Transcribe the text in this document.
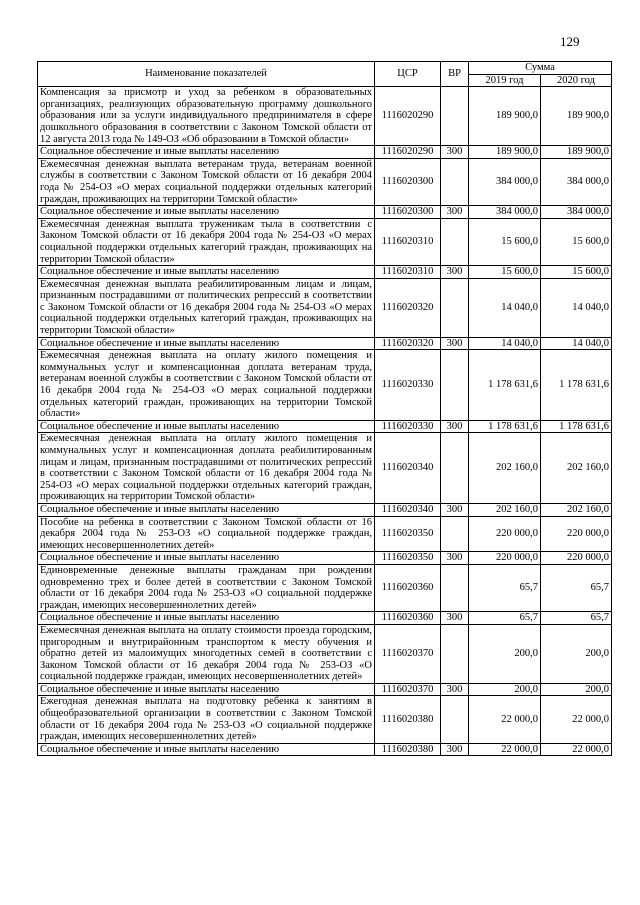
129
Наименование показателей	ЦСР	ВР	Сумма	
			2019 год	2020 год
Компенсация за присмотр и уход за ребенком в образовательных организациях, реализующих образовательную программу дошкольного образования или за услуги индивидуального предпринимателя в сфере дошкольного образования в соответствии с Законом Томской области от 12 августа 2013 года № 149-ОЗ «Об образовании в Томской области»	1116020290		189 900,0	189 900,0
Социальное обеспечение и иные выплаты населению	1116020290	300	189 900,0	189 900,0
Ежемесячная денежная выплата ветеранам труда, ветеранам военной службы в соответствии с Законом Томской области от 16 декабря 2004 года № 254-ОЗ «О мерах социальной поддержки отдельных категорий граждан, проживающих на территории Томской области»	1116020300		384 000,0	384 000,0
Социальное обеспечение и иные выплаты населению	1116020300	300	384 000,0	384 000,0
Ежемесячная денежная выплата труженикам тыла в соответствии с Законом Томской области от 16 декабря 2004 года № 254-ОЗ «О мерах социальной поддержки отдельных категорий граждан, проживающих на территории Томской области»	1116020310		15 600,0	15 600,0
Социальное обеспечение и иные выплаты населению	1116020310	300	15 600,0	15 600,0
Ежемесячная денежная выплата реабилитированным лицам и лицам, признанным пострадавшими от политических репрессий в соответствии с Законом Томской области от 16 декабря 2004 года № 254-ОЗ «О мерах социальной поддержки отдельных категорий граждан, проживающих на территории Томской области»	1116020320		14 040,0	14 040,0
Социальное обеспечение и иные выплаты населению	1116020320	300	14 040,0	14 040,0
Ежемесячная денежная выплата на оплату жилого помещения и коммунальных услуг и компенсационная доплата ветеранам труда, ветеранам военной службы в соответствии с Законом Томской области от 16 декабря 2004 года № 254-ОЗ «О мерах социальной поддержки отдельных категорий граждан, проживающих на территории Томской области»	1116020330		1 178 631,6	1 178 631,6
Социальное обеспечение и иные выплаты населению	1116020330	300	1 178 631,6	1 178 631,6
Ежемесячная денежная выплата на оплату жилого помещения и коммунальных услуг и компенсационная доплата реабилитированным лицам и лицам, признанным пострадавшими от политических репрессий в соответствии с Законом Томской области от 16 декабря 2004 года № 254-ОЗ «О мерах социальной поддержки отдельных категорий граждан, проживающих на территории Томской области»	1116020340		202 160,0	202 160,0
Социальное обеспечение и иные выплаты населению	1116020340	300	202 160,0	202 160,0
Пособие на ребенка в соответствии с Законом Томской области от 16 декабря 2004 года № 253-ОЗ «О социальной поддержке граждан, имеющих несовершеннолетних детей»	1116020350		220 000,0	220 000,0
Социальное обеспечение и иные выплаты населению	1116020350	300	220 000,0	220 000,0
Единовременные денежные выплаты гражданам при рождении одновременно трех и более детей в соответствии с Законом Томской области от 16 декабря 2004 года № 253-ОЗ «О социальной поддержке граждан, имеющих несовершеннолетних детей»	1116020360		65,7	65,7
Социальное обеспечение и иные выплаты населению	1116020360	300	65,7	65,7
Ежемесячная денежная выплата на оплату стоимости проезда городским, пригородным и внутрирайонным транспортом к месту обучения и обратно детей из малоимущих многодетных семей в соответствии с Законом Томской области от 16 декабря 2004 года № 253-ОЗ «О социальной поддержке граждан, имеющих несовершеннолетних детей»	1116020370		200,0	200,0
Социальное обеспечение и иные выплаты населению	1116020370	300	200,0	200,0
Ежегодная денежная выплата на подготовку ребенка к занятиям в общеобразовательной организации в соответствии с Законом Томской области от 16 декабря 2004 года № 253-ОЗ «О социальной поддержке граждан, имеющих несовершеннолетних детей»	1116020380		22 000,0	22 000,0
Социальное обеспечение и иные выплаты населению	1116020380	300	22 000,0	22 000,0
